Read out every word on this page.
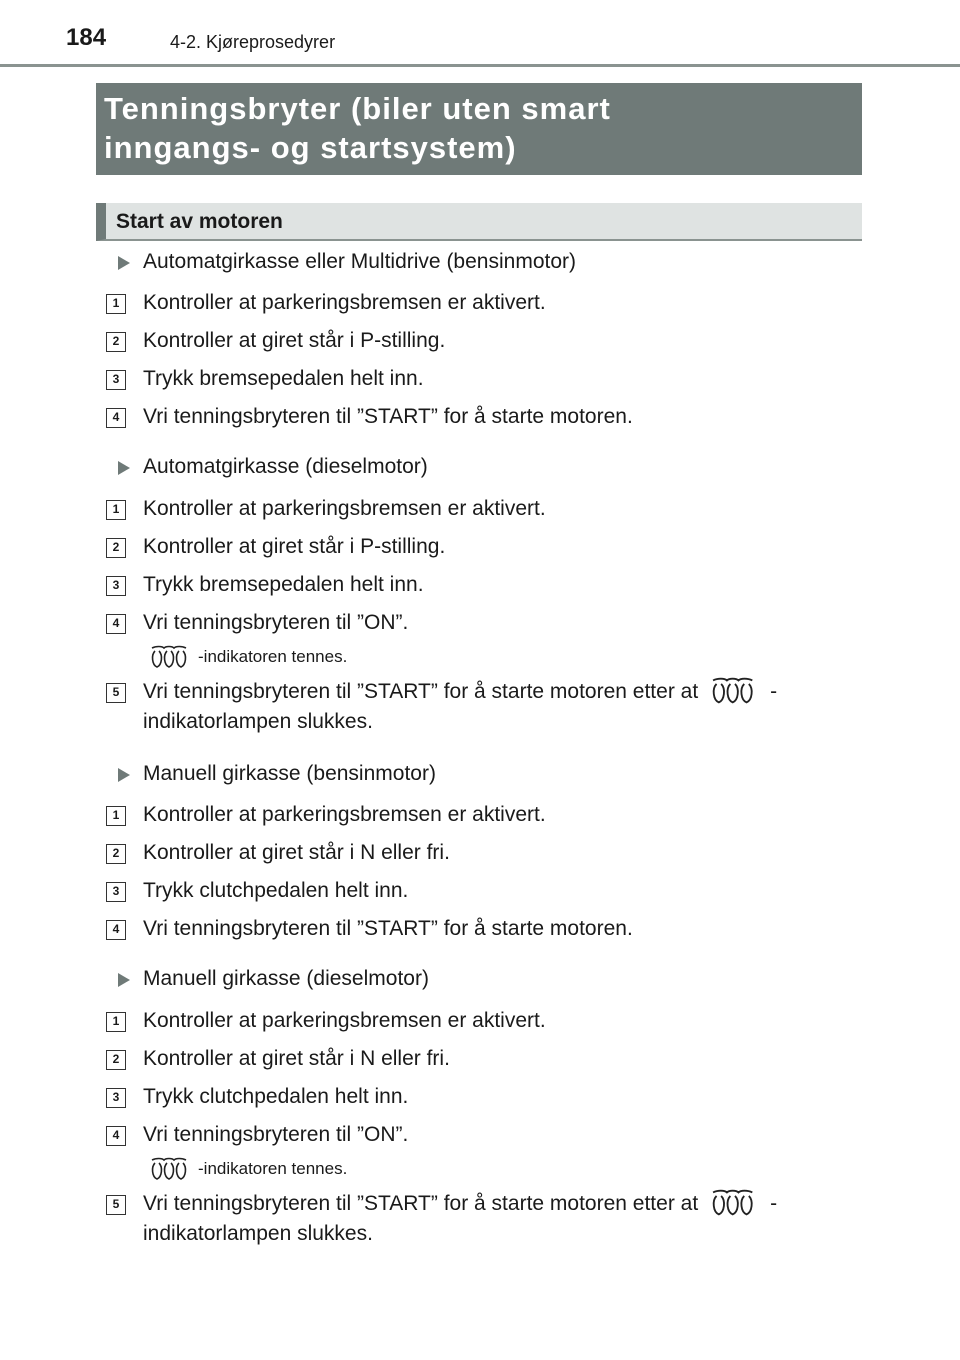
184	4-2. Kjøreprosedyrer
Tenningsbryter (biler uten smart
inngangs- og startsystem)
Start av motoren
Automatgirkasse eller Multidrive (bensinmotor)
1	Kontroller at parkeringsbremsen er aktivert.
2	Kontroller at giret står i P-stilling.
3	Trykk bremsepedalen helt inn.
4	Vri tenningsbryteren til ”START” for å starte motoren.
Automatgirkasse (dieselmotor)
1	Kontroller at parkeringsbremsen er aktivert.
2	Kontroller at giret står i P-stilling.
3	Trykk bremsepedalen helt inn.
4	Vri tenningsbryteren til ”ON”.
-indikatoren tennes.
5	Vri tenningsbryteren til ”START” for å starte motoren etter at	-
indikatorlampen slukkes.
Manuell girkasse (bensinmotor)
1	Kontroller at parkeringsbremsen er aktivert.
2	Kontroller at giret står i N eller fri.
3	Trykk clutchpedalen helt inn.
4	Vri tenningsbryteren til ”START” for å starte motoren.
Manuell girkasse (dieselmotor)
1	Kontroller at parkeringsbremsen er aktivert.
2	Kontroller at giret står i N eller fri.
3	Trykk clutchpedalen helt inn.
4	Vri tenningsbryteren til ”ON”.
-indikatoren tennes.
5	Vri tenningsbryteren til ”START” for å starte motoren etter at	-
indikatorlampen slukkes.
